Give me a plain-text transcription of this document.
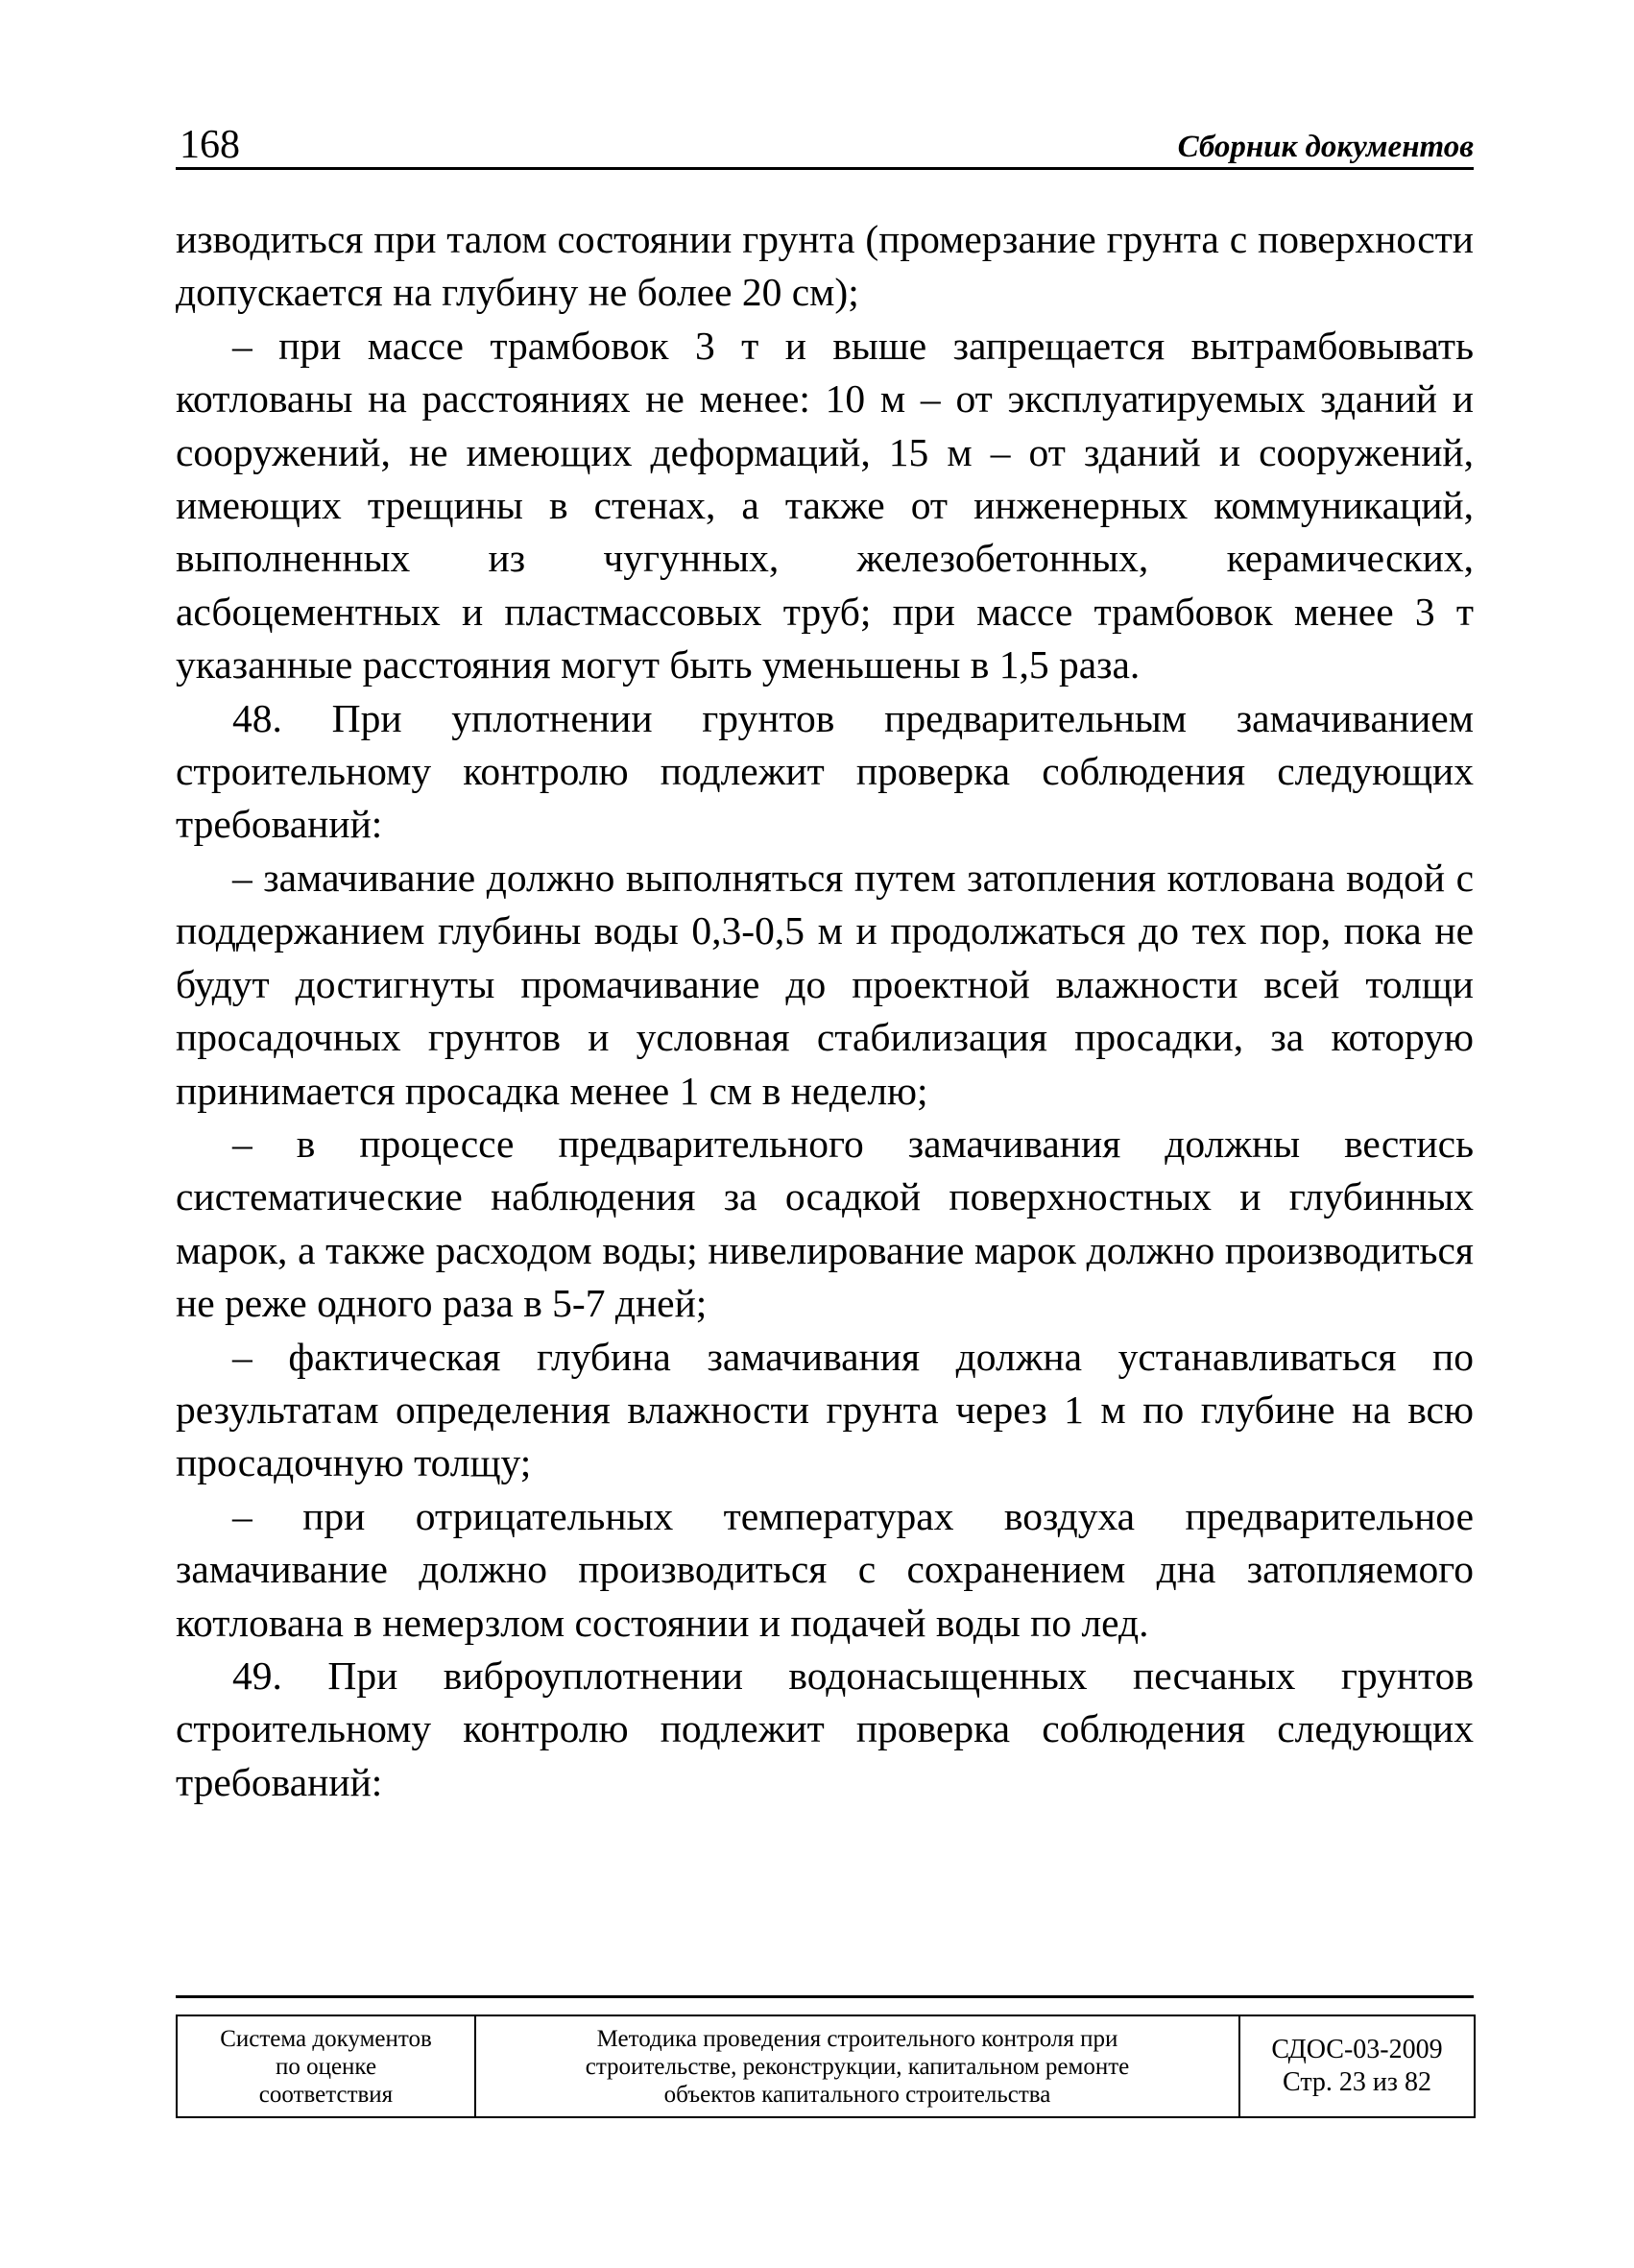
168	Сборник документов

изводиться при талом состоянии грунта (промерзание грунта с поверхности допускается на глубину не более 20 см);

– при массе трамбовок 3 т и выше запрещается вытрамбовывать котлованы на расстояниях не менее: 10 м – от эксплуатируемых зданий и сооружений, не имеющих деформаций, 15 м – от зданий и сооружений, имеющих трещины в стенах, а также от инженерных коммуникаций, выполненных из чугунных, железобетонных, керамических, асбоцементных и пластмассовых труб; при массе трамбовок менее 3 т указанные расстояния могут быть уменьшены в 1,5 раза.

48. При уплотнении грунтов предварительным замачиванием строительному контролю подлежит проверка соблюдения следующих требований:

– замачивание должно выполняться путем затопления котлована водой с поддержанием глубины воды 0,3-0,5 м и продолжаться до тех пор, пока не будут достигнуты промачивание до проектной влажности всей толщи просадочных грунтов и условная стабилизация просадки, за которую принимается просадка менее 1 см в неделю;

– в процессе предварительного замачивания должны вестись систематические наблюдения за осадкой поверхностных и глубинных марок, а также расходом воды; нивелирование марок должно производиться не реже одного раза в 5-7 дней;

– фактическая глубина замачивания должна устанавливаться по результатам определения влажности грунта через 1 м по глубине на всю просадочную толщу;

– при отрицательных температурах воздуха предварительное замачивание должно производиться с сохранением дна затопляемого котлована в немерзлом состоянии и подачей воды по лед.

49. При виброуплотнении водонасыщенных песчаных грунтов строительному контролю подлежит проверка соблюдения следующих требований:

Система документов
по оценке
соответствия

Методика проведения строительного контроля при
строительстве, реконструкции, капитальном ремонте
объектов капитального строительства

СДОС-03-2009
Стр. 23 из 82
